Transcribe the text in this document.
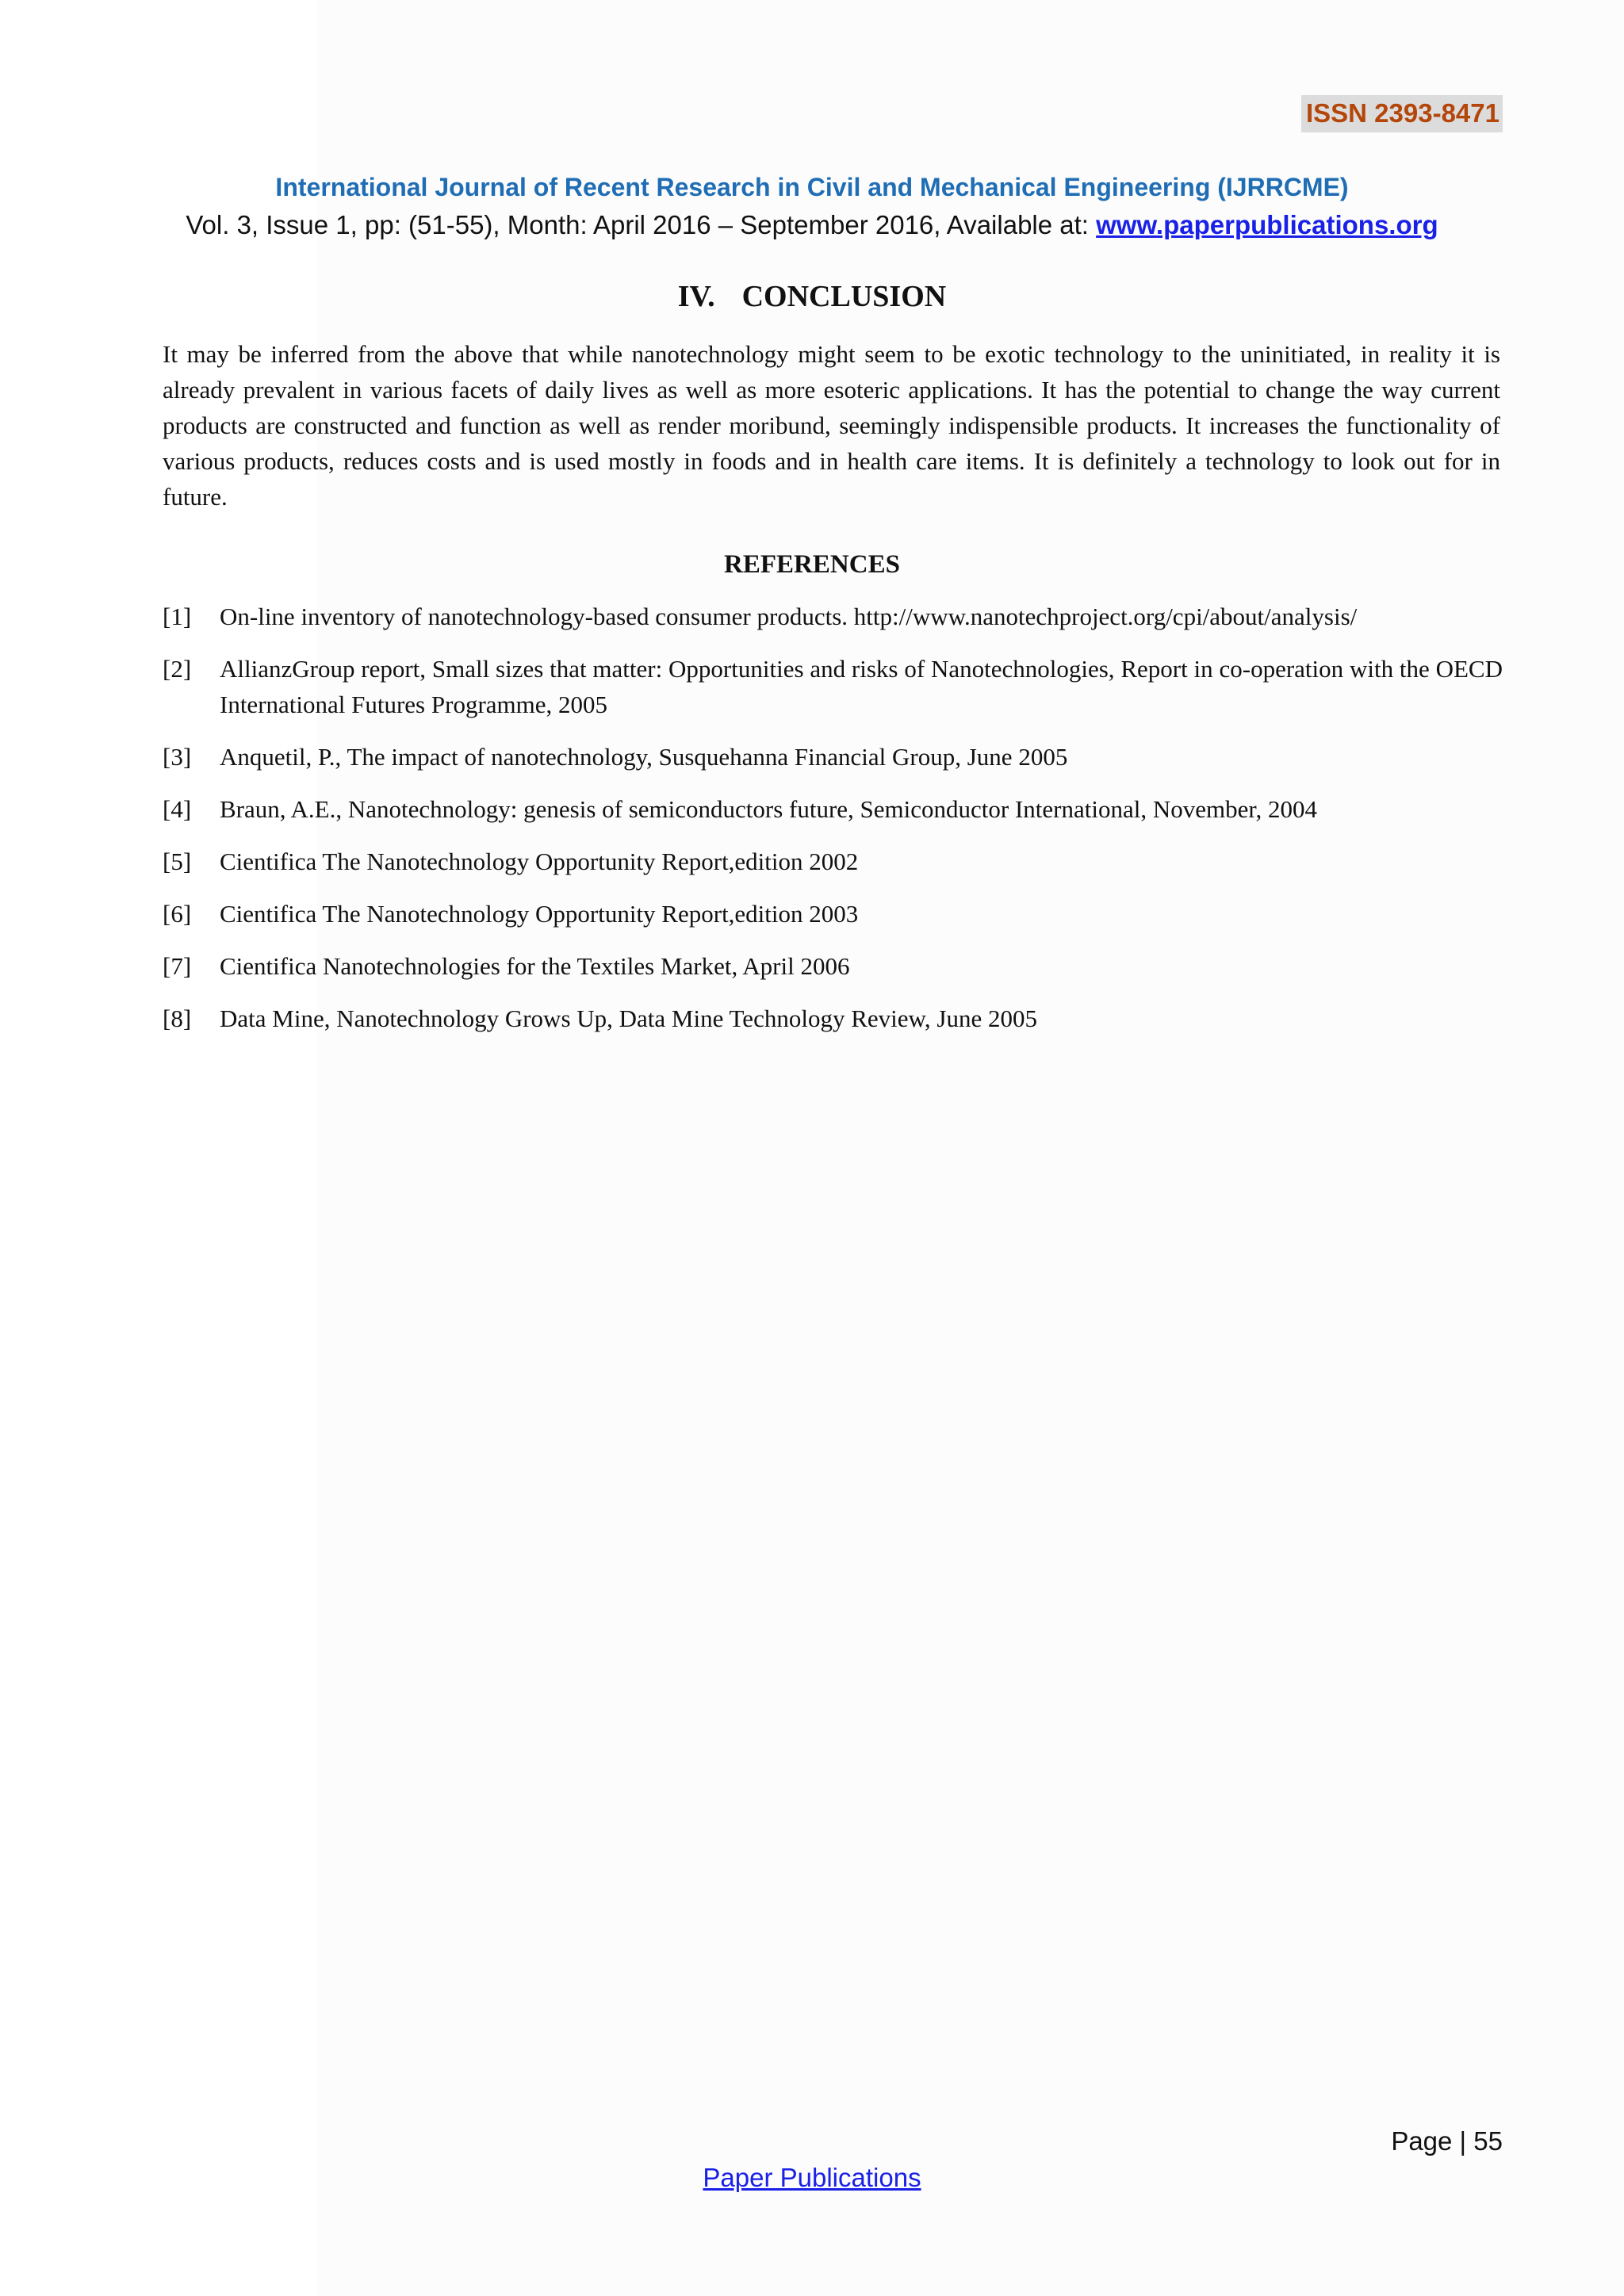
ISSN 2393-8471
International Journal of Recent Research in Civil and Mechanical Engineering (IJRRCME)
Vol. 3, Issue 1, pp: (51-55), Month: April 2016 – September 2016, Available at: www.paperpublications.org
IV. CONCLUSION

It may be inferred from the above that while nanotechnology might seem to be exotic technology to the uninitiated, in reality it is already prevalent in various facets of daily lives as well as more esoteric applications. It has the potential to change the way current products are constructed and function as well as render moribund, seemingly indispensible products. It increases the functionality of various products, reduces costs and is used mostly in foods and in health care items. It is definitely a technology to look out for in future.

REFERENCES
[1]	On-line inventory of nanotechnology-based consumer products. http://www.nanotechproject.org/cpi/about/analysis/
[2]	AllianzGroup report, Small sizes that matter: Opportunities and risks of Nanotechnologies, Report in co-operation with the OECD International Futures Programme, 2005
[3]	Anquetil, P., The impact of nanotechnology, Susquehanna Financial Group, June 2005
[4]	Braun, A.E., Nanotechnology: genesis of semiconductors future, Semiconductor International, November, 2004
[5]	Cientifica The Nanotechnology Opportunity Report,edition 2002
[6]	Cientifica The Nanotechnology Opportunity Report,edition 2003
[7]	Cientifica Nanotechnologies for the Textiles Market, April 2006
[8]	Data Mine, Nanotechnology Grows Up, Data Mine Technology Review, June 2005
Page | 55
Paper Publications
